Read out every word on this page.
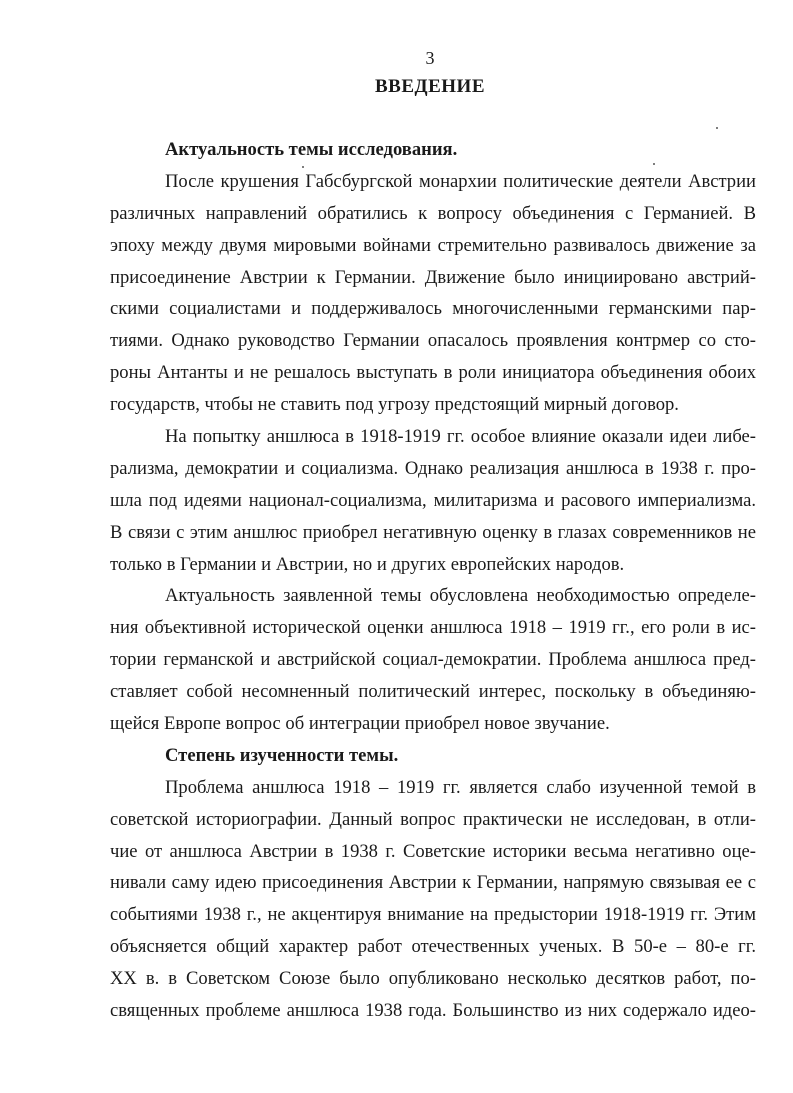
3
ВВЕДЕНИЕ
Актуальность темы исследования.
После крушения Габсбургской монархии политические деятели Австрии
различных направлений обратились к вопросу объединения с Германией. В
эпоху между двумя мировыми войнами стремительно развивалось движение за
присоединение Австрии к Германии. Движение было инициировано австрий-
скими социалистами и поддерживалось многочисленными германскими пар-
тиями. Однако руководство Германии опасалось проявления контрмер со сто-
роны Антанты и не решалось выступать в роли инициатора объединения обоих
государств, чтобы не ставить под угрозу предстоящий мирный договор.
На попытку аншлюса в 1918-1919 гг. особое влияние оказали идеи либе-
рализма, демократии и социализма. Однако реализация аншлюса в 1938 г. про-
шла под идеями национал-социализма, милитаризма и расового империализма.
В связи с этим аншлюс приобрел негативную оценку в глазах современников не
только в Германии и Австрии, но и других европейских народов.
Актуальность заявленной темы обусловлена необходимостью определе-
ния объективной исторической оценки аншлюса 1918 – 1919 гг., его роли в ис-
тории германской и австрийской социал-демократии. Проблема аншлюса пред-
ставляет собой несомненный политический интерес, поскольку в объединяю-
щейся Европе вопрос об интеграции приобрел новое звучание.
Степень изученности темы.
Проблема аншлюса 1918 – 1919 гг. является слабо изученной темой в
советской историографии. Данный вопрос практически не исследован, в отли-
чие от аншлюса Австрии в 1938 г. Советские историки весьма негативно оце-
нивали саму идею присоединения Австрии к Германии, напрямую связывая ее с
событиями 1938 г., не акцентируя внимание на предыстории 1918-1919 гг. Этим
объясняется общий характер работ отечественных ученых. В 50-е – 80-е гг.
XX в. в Советском Союзе было опубликовано несколько десятков работ, по-
священных проблеме аншлюса 1938 года. Большинство из них содержало идео-
